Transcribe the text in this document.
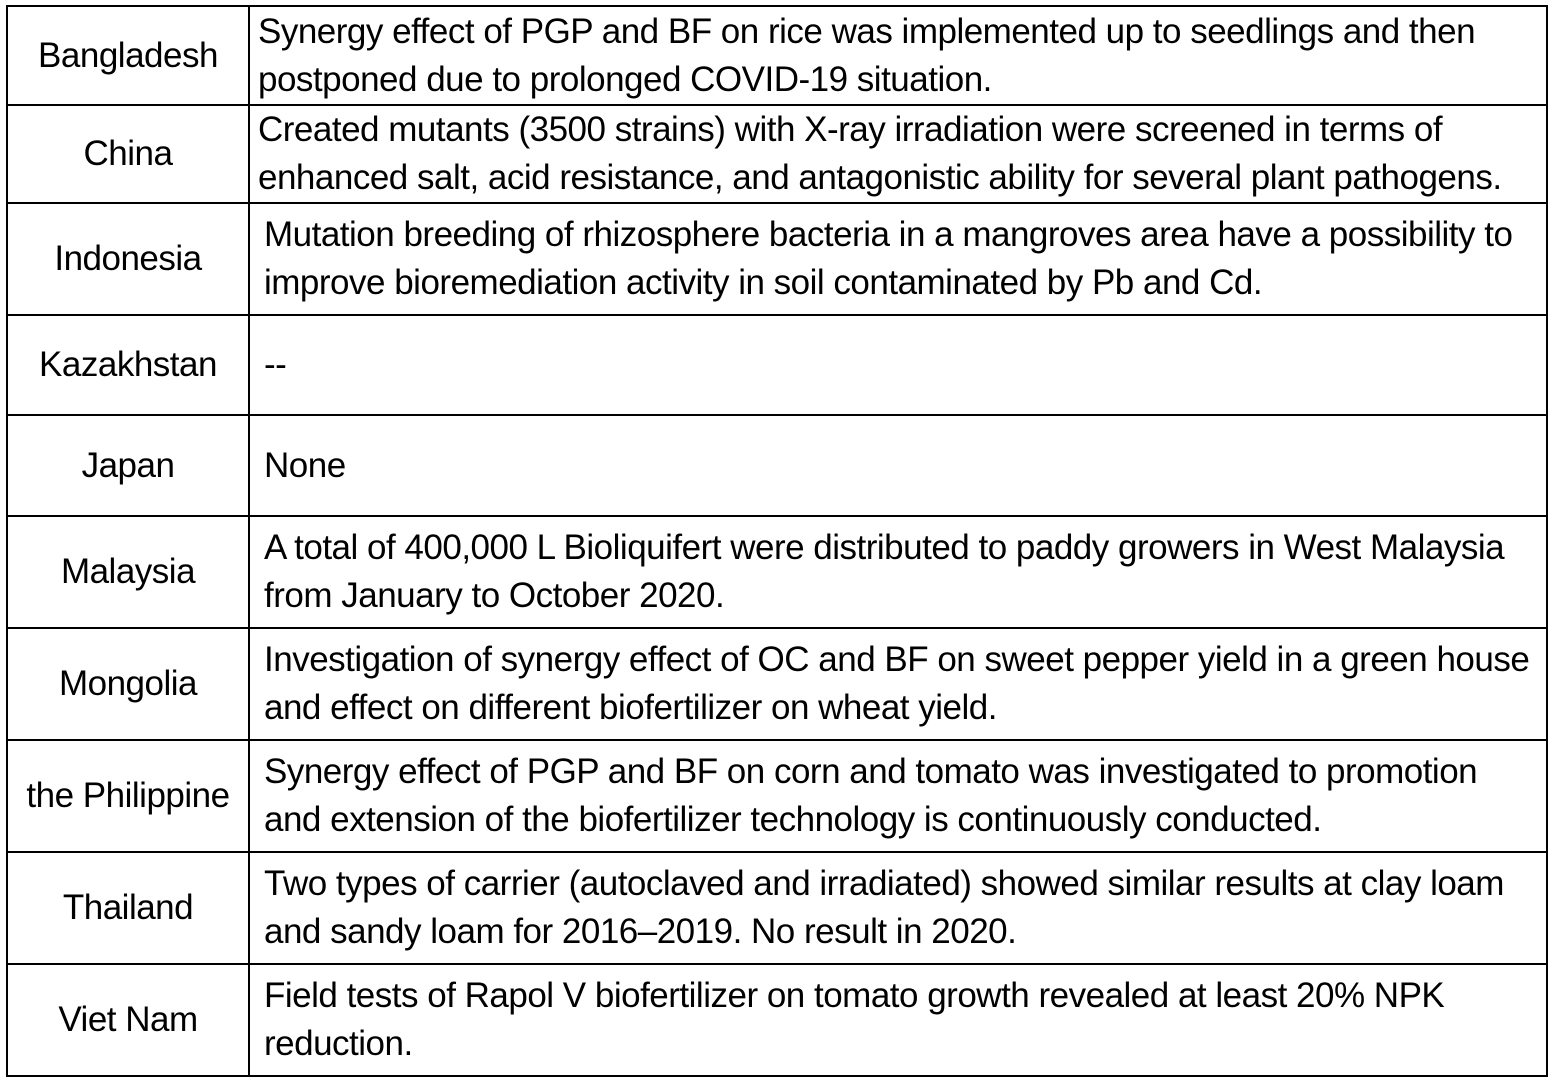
Bangladesh	Synergy effect of PGP and BF on rice was implemented up to seedlings and then postponed due to prolonged COVID-19 situation.
China	Created mutants (3500 strains) with X-ray irradiation were screened in terms of enhanced salt, acid resistance, and antagonistic ability for several plant pathogens.
Indonesia	Mutation breeding of rhizosphere bacteria in a mangroves area have a possibility to improve bioremediation activity in soil contaminated by Pb and Cd.
Kazakhstan	--
Japan	None
Malaysia	A total of 400,000 L Bioliquifert were distributed to paddy growers in West Malaysia from January to October 2020.
Mongolia	Investigation of synergy effect of OC and BF on sweet pepper yield in a green house and effect on different biofertilizer on wheat yield.
the Philippine	Synergy effect of PGP and BF on corn and tomato was investigated to promotion and extension of the biofertilizer technology is continuously conducted.
Thailand	Two types of carrier (autoclaved and irradiated) showed similar results at clay loam and sandy loam for 2016–2019. No result in 2020.
Viet Nam	Field tests of Rapol V biofertilizer on tomato growth revealed at least 20% NPK reduction.
